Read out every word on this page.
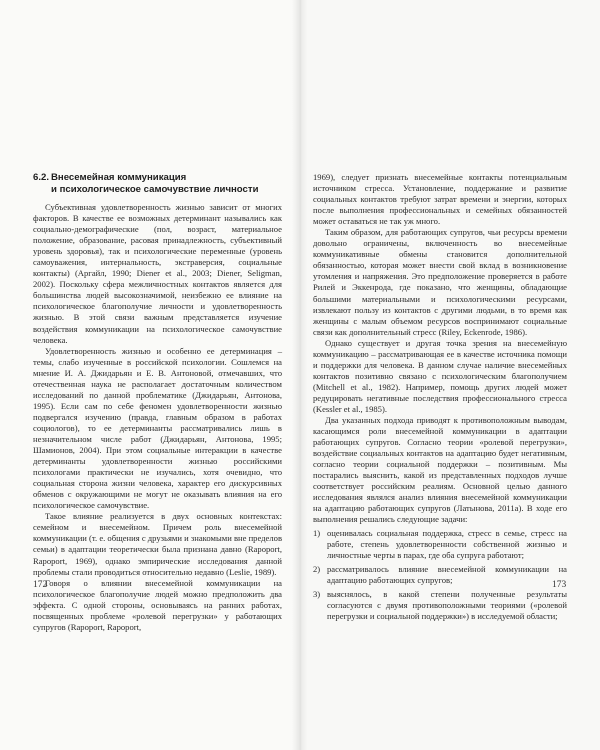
6.2. Внесемейная коммуникация
и психологическое самочувствие личности

Субъективная удовлетворенность жизнью зависит от многих факторов. В качестве ее возможных детерминант назывались как социально-демографические (пол, возраст, материальное положение, образование, расовая принадлежность, субъективный уровень здоровья), так и психологические переменные (уровень самоуважения, интернальность, экстраверсия, социальные контакты) (Аргайл, 1990; Diener et al., 2003; Diener, Seligman, 2002). Поскольку сфера межличностных контактов является для большинства людей высокозначимой, неизбежно ее влияние на психологическое благополучие личности и удовлетворенность жизнью. В этой связи важным представляется изучение воздействия коммуникации на психологическое самочувствие человека.

Удовлетворенность жизнью и особенно ее детерминация – темы, слабо изученные в российской психологии. Сошлемся на мнение И. А. Джидарьян и Е. В. Антоновой, отмечавших, что отечественная наука не располагает достаточным количеством исследований по данной проблематике (Джидарьян, Антонова, 1995). Если сам по себе феномен удовлетворенности жизнью подвергался изучению (правда, главным образом в работах социологов), то ее детерминанты рассматривались лишь в незначительном числе работ (Джидарьян, Антонова, 1995; Шамионов, 2004). При этом социальные интеракции в качестве детерминанты удовлетворенности жизнью российскими психологами практически не изучались, хотя очевидно, что социальная сторона жизни человека, характер его дискурсивных обменов с окружающими не могут не оказывать влияния на его психологическое самочувствие.

Такое влияние реализуется в двух основных контекстах: семейном и внесемейном. Причем роль внесемейной коммуникации (т. е. общения с друзьями и знакомыми вне пределов семьи) в адаптации теоретически была признана давно (Rapoport, Rapoport, 1969), однако эмпирические исследования данной проблемы стали проводиться относительно недавно (Leslie, 1989).

Говоря о влиянии внесемейной коммуникации на психологическое благополучие людей можно предположить два эффекта. С одной стороны, основываясь на ранних работах, посвященных проблеме «ролевой перегрузки» у работающих супругов (Rapoport, Rapoport,

172

1969), следует признать внесемейные контакты потенциальным источником стресса. Установление, поддержание и развитие социальных контактов требуют затрат времени и энергии, которых после выполнения профессиональных и семейных обязанностей может оставаться не так уж много.

Таким образом, для работающих супругов, чьи ресурсы времени довольно ограничены, включенность во внесемейные коммуникативные обмены становится дополнительной обязанностью, которая может внести свой вклад в возникновение утомления и напряжения. Это предположение проверяется в работе Рилей и Эккенрода, где показано, что женщины, обладающие большими материальными и психологическими ресурсами, извлекают пользу из контактов с другими людьми, в то время как женщины с малым объемом ресурсов воспринимают социальные связи как дополнительный стресс (Riley, Eckenrode, 1986).

Однако существует и другая точка зрения на внесемейную коммуникацию – рассматривающая ее в качестве источника помощи и поддержки для человека. В данном случае наличие внесемейных контактов позитивно связано с психологическим благополучием (Mitchell et al., 1982). Например, помощь других людей может редуцировать негативные последствия профессионального стресса (Kessler et al., 1985).

Два указанных подхода приводят к противоположным выводам, касающимся роли внесемейной коммуникации в адаптации работающих супругов. Согласно теории «ролевой перегрузки», воздействие социальных контактов на адаптацию будет негативным, согласно теории социальной поддержки – позитивным. Мы постарались выяснить, какой из представленных подходов лучше соответствует российским реалиям. Основной целью данного исследования являлся анализ влияния внесемейной коммуникации на адаптацию работающих супругов (Латынова, 2011a). В ходе его выполнения решались следующие задачи:

1) оценивалась социальная поддержка, стресс в семье, стресс на работе, степень удовлетворенности собственной жизнью и личностные черты в парах, где оба супруга работают;
2) рассматривалось влияние внесемейной коммуникации на адаптацию работающих супругов;
3) выяснялось, в какой степени полученные результаты согласуются с двумя противоположными теориями («ролевой перегрузки и социальной поддержки») в исследуемой области;
173
